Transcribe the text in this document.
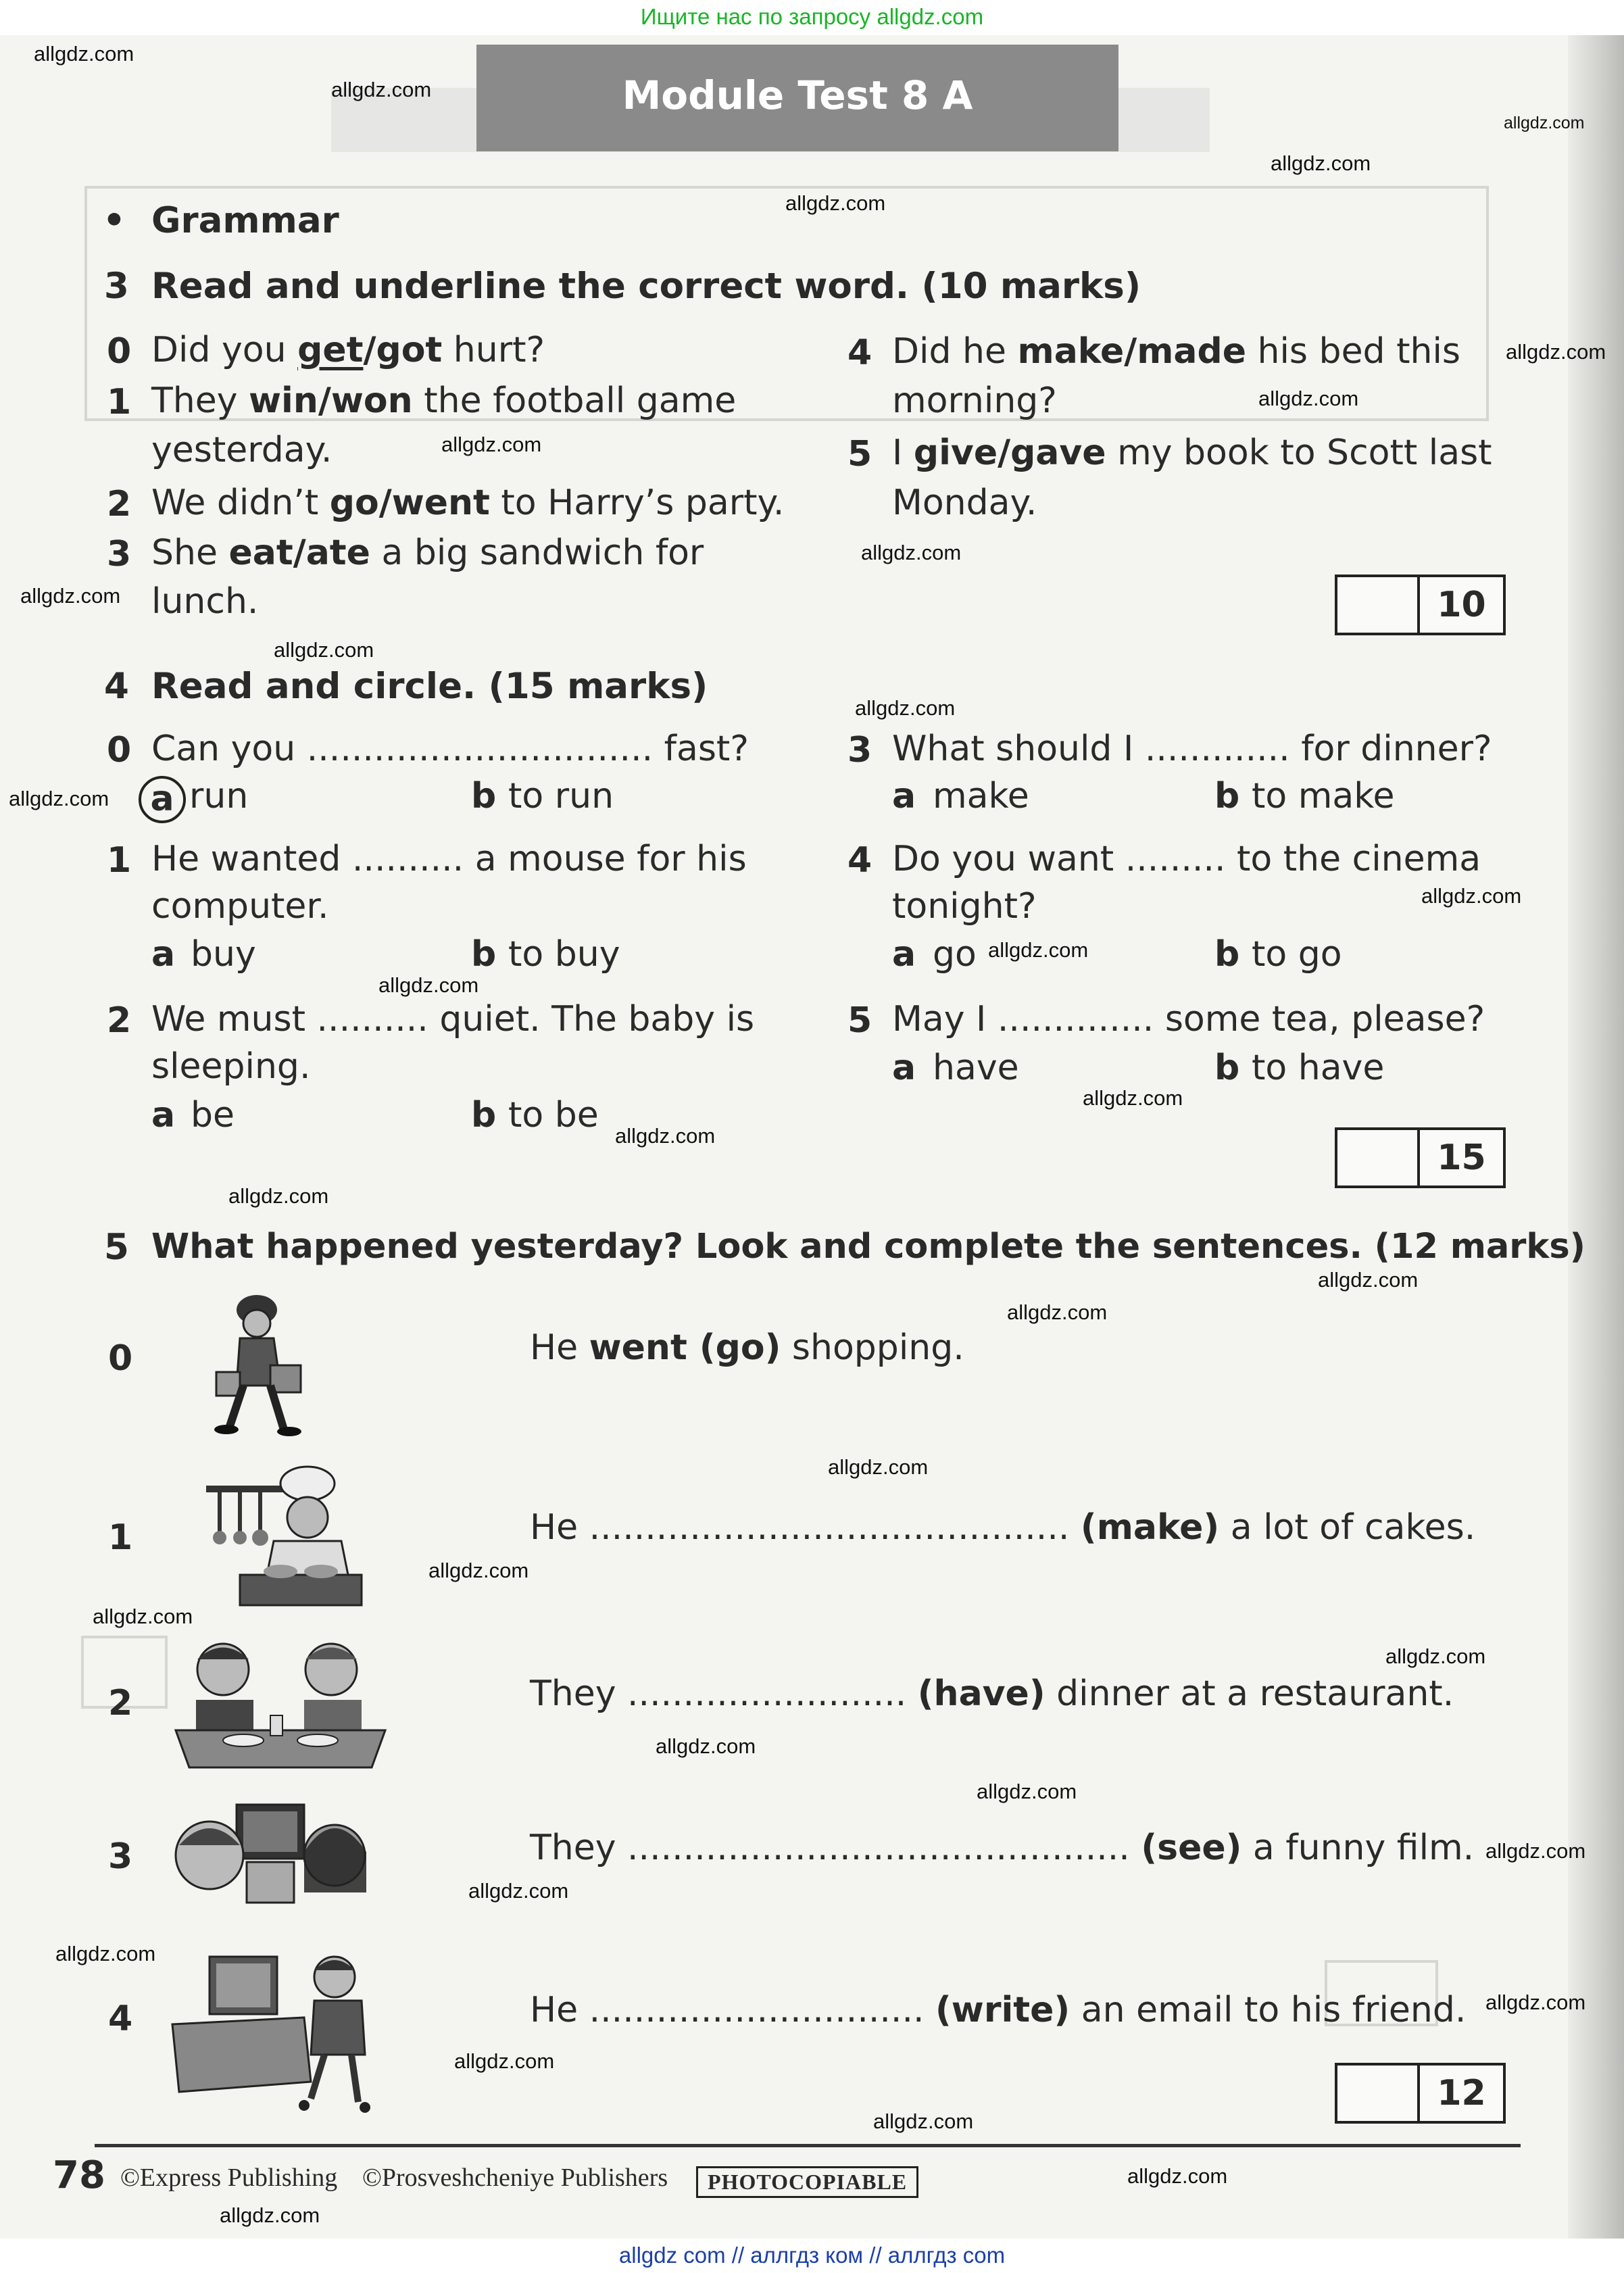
Ищите нас по запросу allgdz.com
Module Test 8 A
• Grammar
3 Read and underline the correct word. (10 marks)
0 Did you get/got hurt?
1 They win/won the football game
yesterday.
2 We didn’t go/went to Harry’s party.
3 She eat/ate a big sandwich for
lunch.
4 Did he make/made his bed this
morning?
5 I give/gave my book to Scott last
Monday.
10
4 Read and circle. (15 marks)
0 Can you ............................... fast?
a run	b to run
1 He wanted .......... a mouse for his
computer.
a buy	b to buy
2 We must .......... quiet. The baby is
sleeping.
a be	b to be
3 What should I ............. for dinner?
a make	b to make
4 Do you want ......... to the cinema
tonight?
a go	b to go
5 May I .............. some tea, please?
a have	b to have
15
5 What happened yesterday? Look and complete the sentences. (12 marks)
0	He went (go) shopping.
1	He ........................................... (make) a lot of cakes.
2	They ......................... (have) dinner at a restaurant.
3	They ............................................. (see) a funny film.
4	He .............................. (write) an email to his friend.
12
78 ©Express Publishing ©Prosveshcheniye Publishers	PHOTOCOPIABLE
allgdz.com
allgdz.com
allgdz.com
allgdz.com
allgdz.com
allgdz.com
allgdz.com
allgdz.com
allgdz.com
allgdz.com
allgdz.com
allgdz.com
allgdz.com
allgdz.com
allgdz.com
allgdz.com
allgdz.com
allgdz.com
allgdz.com
allgdz.com
allgdz.com
allgdz.com
allgdz.com
allgdz.com
allgdz.com
allgdz.com
allgdz.com
allgdz.com
allgdz.com
allgdz.com
allgdz.com
allgdz.com
allgdz.com
allgdz.com
allgdz.com
allgdz com // аллгдз ком // аллгдз com
